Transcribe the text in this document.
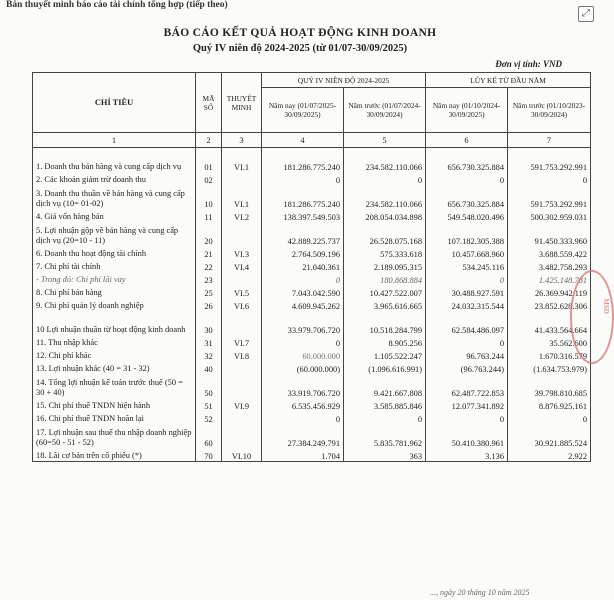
Bản thuyết minh báo cáo tài chính tổng hợp (tiếp theo)
⤢
BÁO CÁO KẾT QUẢ HOẠT ĐỘNG KINH DOANH
Quý IV niên độ 2024-2025 (từ 01/07-30/09/2025)
Đơn vị tính: VND
CHỈ TIÊU	MÃ SỐ	THUYẾT MINH	QUÝ IV NIÊN ĐỘ 2024-2025		LŨY KẾ TỪ ĐẦU NĂM	
			Năm nay (01/07/2025-30/09/2025)	Năm trước (01/07/2024-30/09/2024)	Năm nay (01/10/2024-30/09/2025)	Năm trước (01/10/2023-30/09/2024)
1	2	3	4	5	6	7
1. Doanh thu bán hàng và cung cấp dịch vụ	01	VI.1	181.286.775.240	234.582.110.066	656.730.325.884	591.753.292.991
2. Các khoản giảm trừ doanh thu	02		0	0	0	0
3. Doanh thu thuần về bán hàng và cung cấp dịch vụ (10= 01-02)	10	VI.1	181.286.775.240	234.582.110.066	656.730.325.884	591.753.292.991
4. Giá vốn hàng bán	11	VI.2	138.397.549.503	208.054.034.898	549.548.020.496	500.302.959.031
5. Lợi nhuận gộp về bán hàng và cung cấp dịch vụ (20=10 - 11)	20		42.889.225.737	26.528.075.168	107.182.305.388	91.450.333.960
6. Doanh thu hoạt động tài chính	21	VI.3	2.764.509.196	575.333.618	10.457.668.960	3.688.559.422
7. Chi phí tài chính	22	VI.4	21.040.361	2.189.095.315	534.245.116	3.482.758.293
- Trong đó: Chi phí lãi vay	23		0	180.868.884	0	1.425.148.781
8. Chi phí bán hàng	25	VI.5	7.043.042.590	10.427.522.007	30.488.927.591	26.369.942.119
9. Chi phí quản lý doanh nghiệp	26	VI.6	4.609.945.262	3.965.616.665	24.032.315.544	23.852.628.306
10 Lợi nhuận thuần từ hoạt động kinh doanh	30		33.979.706.720	10.518.284.799	62.584.486.097	41.433.564.664
11. Thu nhập khác	31	VI.7	0	8.905.256	0	35.562.600
12. Chi phí khác	32	VI.8	60.000.000	1.105.522.247	96.763.244	1.670.316.579
13. Lợi nhuận khác (40 = 31 - 32)	40		(60.000.000)	(1.096.616.991)	(96.763.244)	(1.634.753.979)
14. Tổng lợi nhuận kế toán trước thuế (50 = 30 + 40)	50		33.919.706.720	9.421.667.808	62.487.722.853	39.798.810.685
15. Chi phí thuế TNDN hiện hành	51	VI.9	6.535.456.929	3.585.885.846	12.077.341.892	8.876.925.161
16. Chi phí thuế TNDN hoãn lại	52		0	0	0	0
17. Lợi nhuận sau thuế thu nhập doanh nghiệp (60=50 - 51 - 52)	60		27.384.249.791	5.835.781.962	50.410.380.961	30.921.885.524
18. Lãi cơ bản trên cổ phiếu (*)	70	VI.10	1.704	363	3.136	2.922
MSD
..., ngày 20 tháng 10 năm 2025
